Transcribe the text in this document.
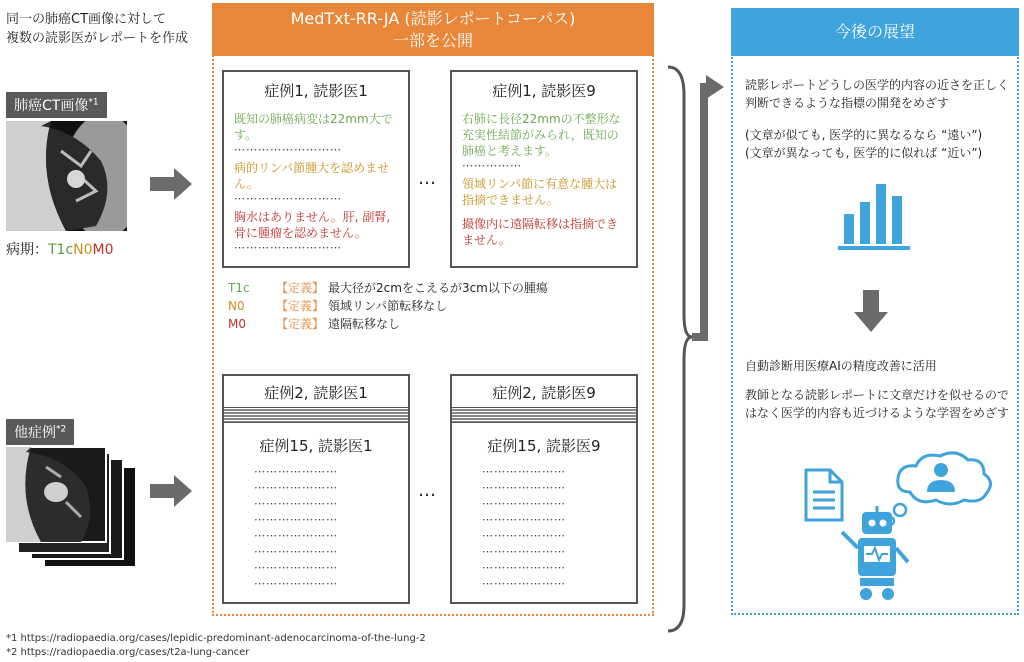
同一の肺癌CT画像に対して
複数の読影医がレポートを作成
肺癌CT画像$^{*1}$
病期：T1cN0M0
他症例$^{*2}$
MedTxt-RR-JA (読影レポートコーパス)
一部を公開
症例1, 読影医1
既知の肺癌病変は22mm大です。
⋯⋯⋯⋯⋯⋯⋯⋯⋯
病的リンパ節腫大を認めません。
⋯⋯⋯⋯⋯⋯⋯⋯⋯
胸水はありません。肝, 副腎, 骨に腫瘤を認めません。
⋯⋯⋯⋯⋯⋯⋯⋯⋯
…
症例1, 読影医9
右肺に長径22mmの不整形な充実性結節がみられ，既知の肺癌と考えます。
⋯⋯⋯⋯⋯
領域リンパ節に有意な腫大は指摘できません。
撮像内に遠隔転移は指摘できません。
T1c 【定義】 最大径が2cmをこえるが3cm以下の腫瘍
N0	【定義】 領域リンパ節転移なし
M0	【定義】 遠隔転移なし
症例2, 読影医1
症例15, 読影医1
⋯⋯⋯⋯⋯⋯⋯
⋯⋯⋯⋯⋯⋯⋯
⋯⋯⋯⋯⋯⋯⋯
⋯⋯⋯⋯⋯⋯⋯
⋯⋯⋯⋯⋯⋯⋯
⋯⋯⋯⋯⋯⋯⋯
⋯⋯⋯⋯⋯⋯⋯
⋯⋯⋯⋯⋯⋯⋯
…
症例2, 読影医9
症例15, 読影医9
⋯⋯⋯⋯⋯⋯⋯
⋯⋯⋯⋯⋯⋯⋯
⋯⋯⋯⋯⋯⋯⋯
⋯⋯⋯⋯⋯⋯⋯
⋯⋯⋯⋯⋯⋯⋯
⋯⋯⋯⋯⋯⋯⋯
⋯⋯⋯⋯⋯⋯⋯
⋯⋯⋯⋯⋯⋯⋯
今後の展望
読影レポートどうしの医学的内容の近さを正しく判断できるような指標の開発をめざす
(文章が似ても, 医学的に異なるなら “遠い”)
(文章が異なっても, 医学的に似れば “近い”)
自動診断用医療AIの精度改善に活用
教師となる読影レポートに文章だけを似せるのではなく医学的内容も近づけるような学習をめざす
*1 https://radiopaedia.org/cases/lepidic-predominant-adenocarcinoma-of-the-lung-2
*2 https://radiopaedia.org/cases/t2a-lung-cancer
